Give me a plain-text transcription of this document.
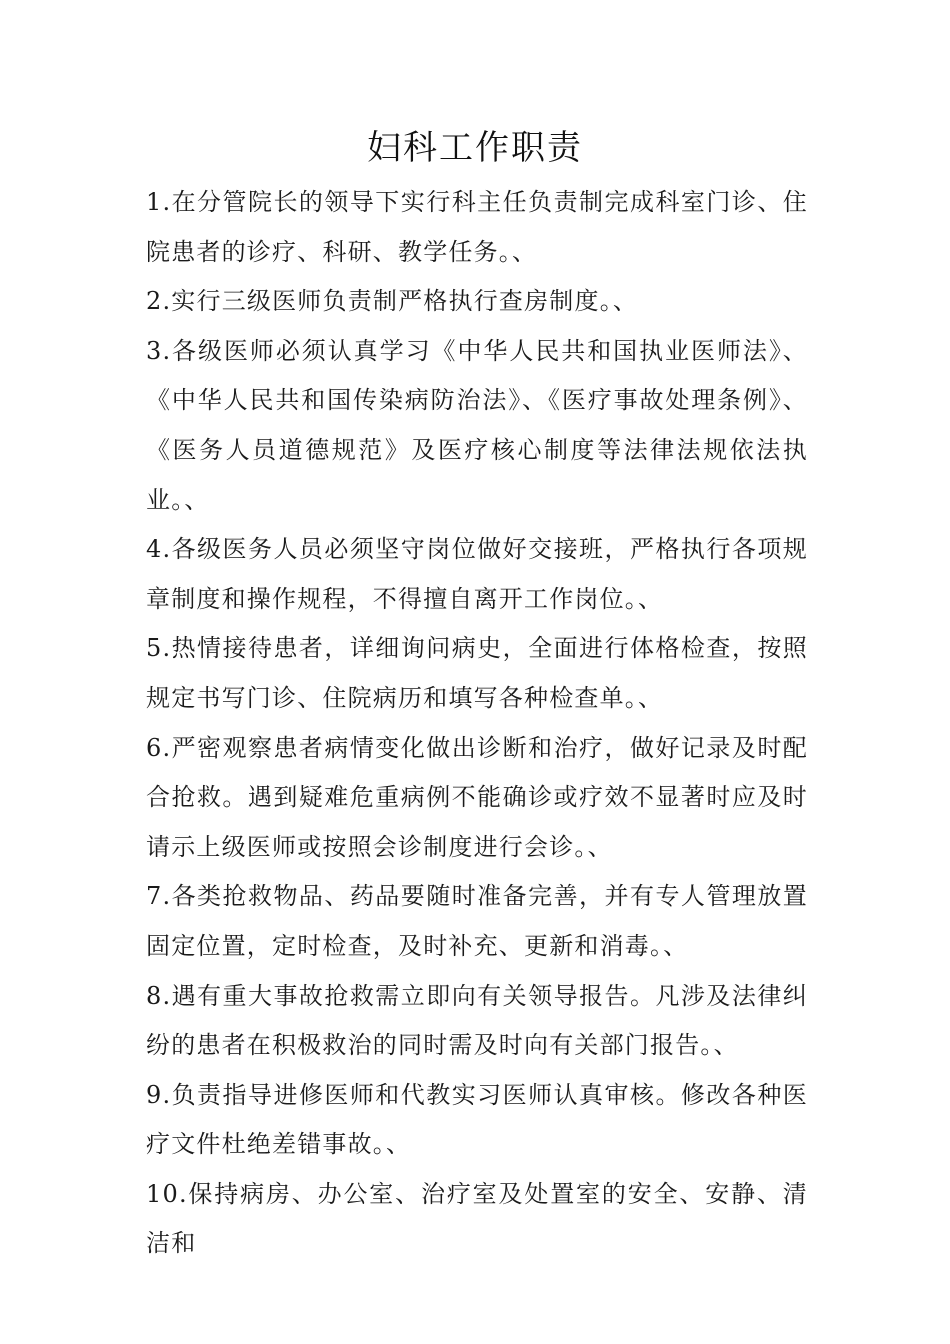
妇科工作职责

1.在分管院长的领导下实行科主任负责制完成科室门诊、住院患者的诊疗、科研、教学任务。、

2.实行三级医师负责制严格执行查房制度。、

3.各级医师必须认真学习《中华人民共和国执业医师法》、《中华人民共和国传染病防治法》、《医疗事故处理条例》、《医务人员道德规范》及医疗核心制度等法律法规依法执业。、

4.各级医务人员必须坚守岗位做好交接班，严格执行各项规章制度和操作规程，不得擅自离开工作岗位。、

5.热情接待患者，详细询问病史，全面进行体格检查，按照规定书写门诊、住院病历和填写各种检查单。、

6.严密观察患者病情变化做出诊断和治疗，做好记录及时配合抢救。遇到疑难危重病例不能确诊或疗效不显著时应及时请示上级医师或按照会诊制度进行会诊。、

7.各类抢救物品、药品要随时准备完善，并有专人管理放置固定位置，定时检查，及时补充、更新和消毒。、

8.遇有重大事故抢救需立即向有关领导报告。凡涉及法律纠纷的患者在积极救治的同时需及时向有关部门报告。、

9.负责指导进修医师和代教实习医师认真审核。修改各种医疗文件杜绝差错事故。、

10.保持病房、办公室、治疗室及处置室的安全、安静、清洁和
